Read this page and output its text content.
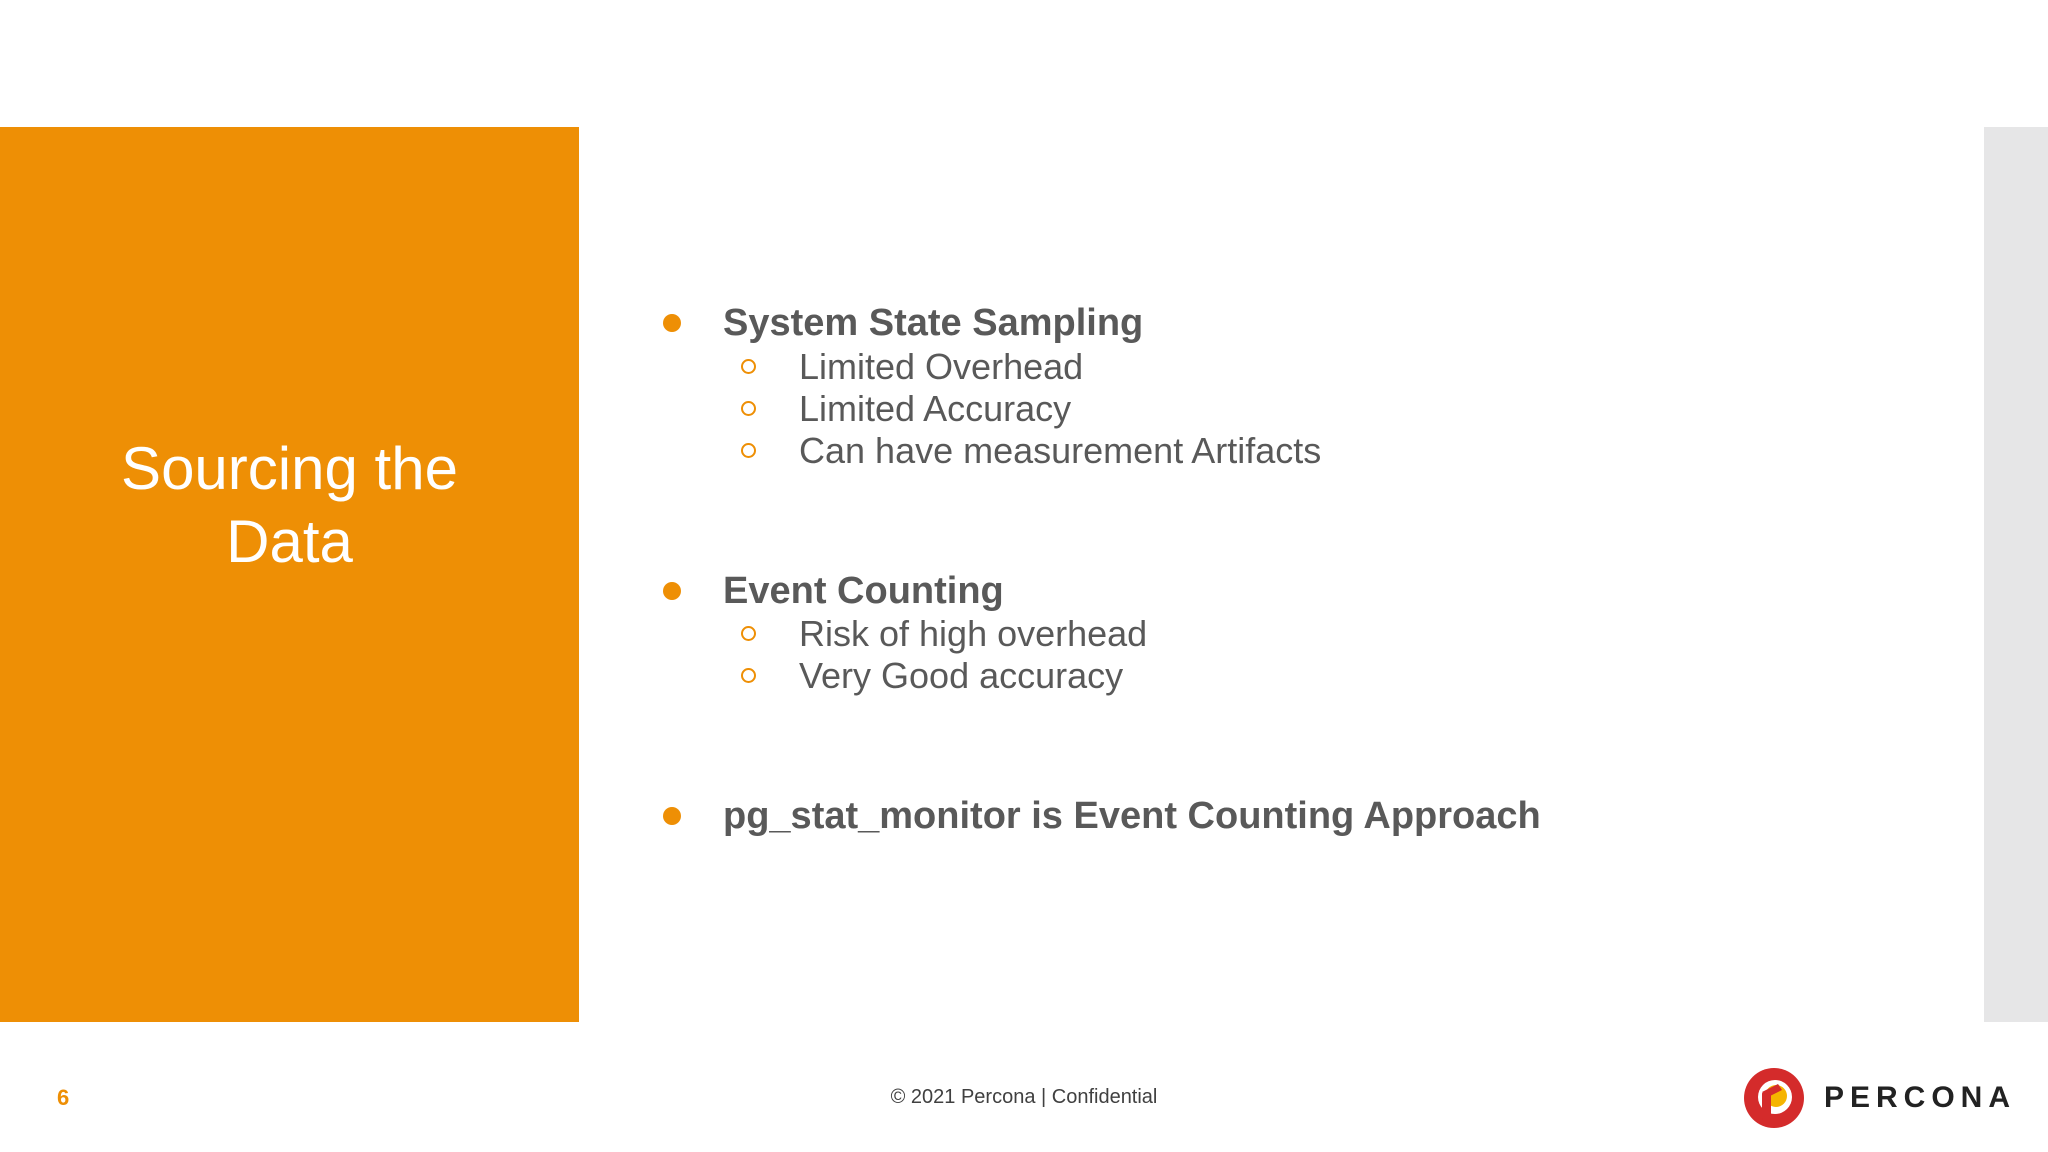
Sourcing the
Data
System State Sampling
Limited Overhead
Limited Accuracy
Can have measurement Artifacts
Event Counting
Risk of high overhead
Very Good accuracy
pg_stat_monitor is Event Counting Approach
6	© 2021 Percona | Confidential	PERCONA
